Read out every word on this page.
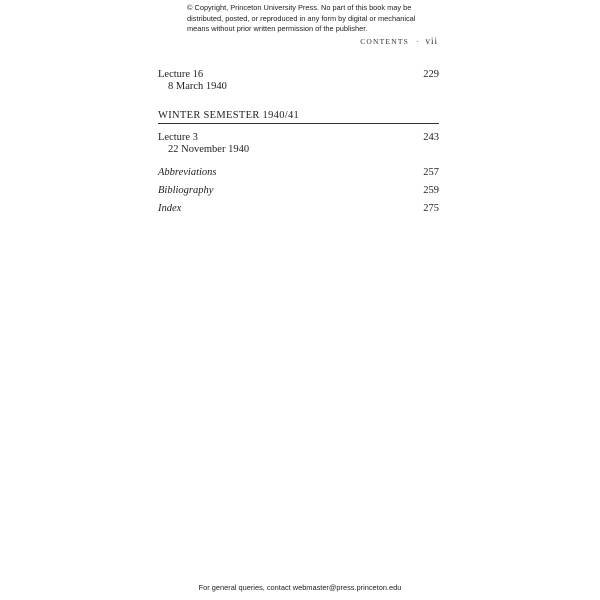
© Copyright, Princeton University Press. No part of this book may be
distributed, posted, or reproduced in any form by digital or mechanical
means without prior written permission of the publisher.
CONTENTS · vii
Lecture 16	229
8 March 1940
WINTER SEMESTER 1940/41
Lecture 3	243
22 November 1940
Abbreviations	257
Bibliography	259
Index	275
For general queries, contact webmaster@press.princeton.edu
